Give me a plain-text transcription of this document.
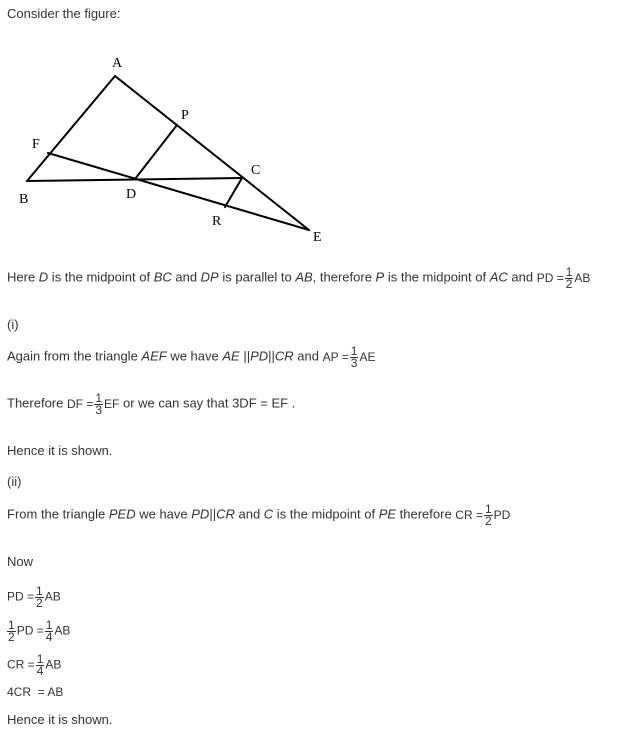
Consider the figure:
A
P
F
C
B	D
R
E
Here D is the midpoint of BC and DP is parallel to AB, therefore P is the midpoint of AC and PD = $\frac{1}{2}$ AB
(i)
Again from the triangle AEF we have AE ||PD||CR and AP = $\frac{1}{3}$ AE
Therefore DF = $\frac{1}{3}$ EF or we can say that 3DF = EF .
Hence it is shown.
(ii)
From the triangle PED we have PD||CR and C is the midpoint of PE therefore CR = $\frac{1}{2}$ PD
Now
PD = $\frac{1}{2}$ AB
$\frac{1}{2}$ PD = $\frac{1}{4}$ AB
CR = $\frac{1}{4}$ AB
4CR  = AB
Hence it is shown.
